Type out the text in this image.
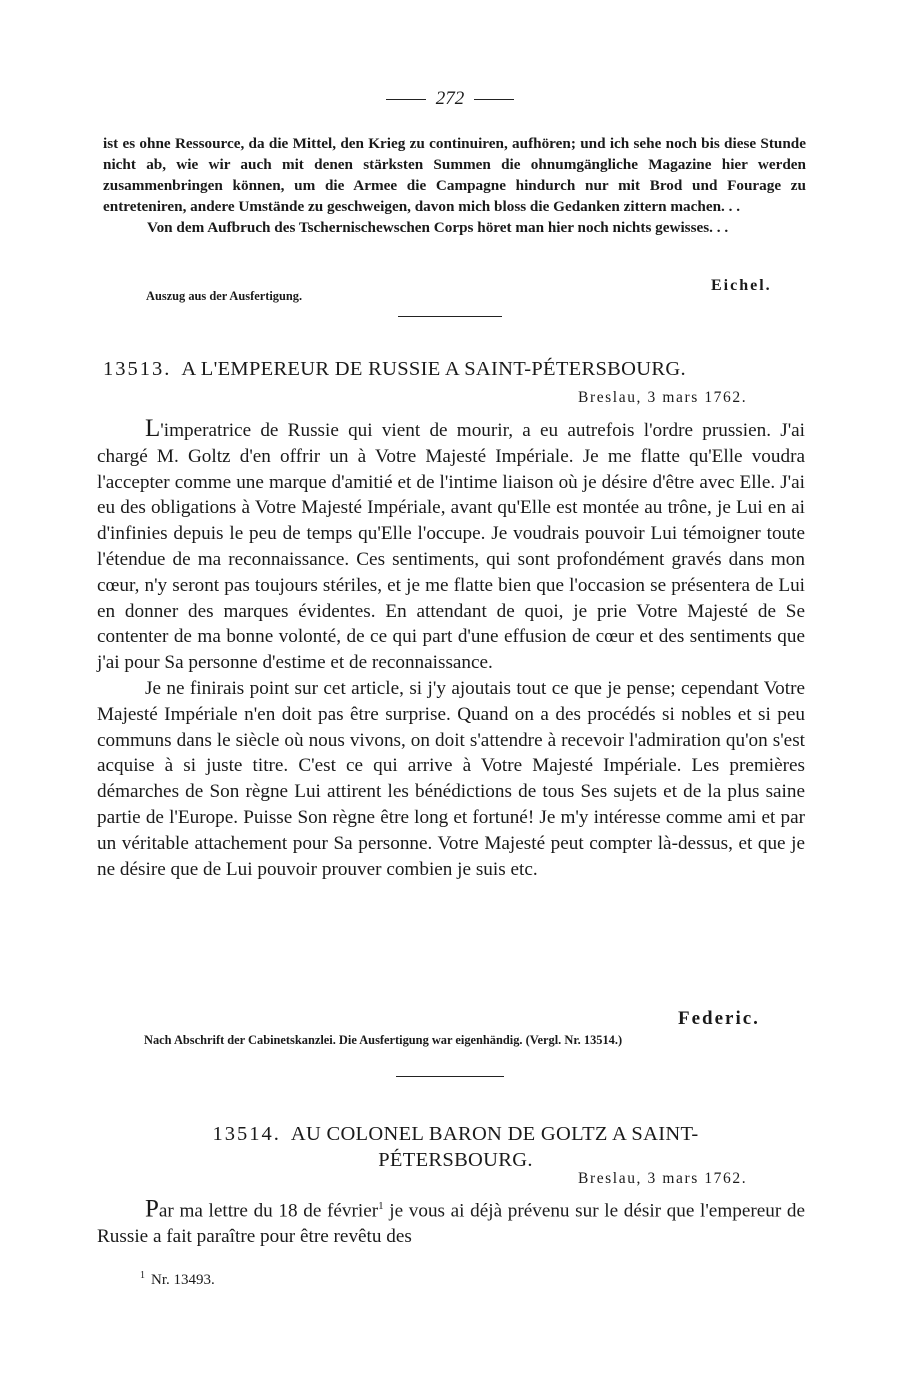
272

ist es ohne Ressource, da die Mittel, den Krieg zu continuiren, aufhören; und ich sehe noch bis diese Stunde nicht ab, wie wir auch mit denen stärksten Summen die ohnumgängliche Magazine hier werden zusammenbringen können, um die Armee die Campagne hindurch nur mit Brod und Fourage zu entreteniren, andere Umstände zu geschweigen, davon mich bloss die Gedanken zittern machen. . .

Von dem Aufbruch des Tschernischewschen Corps höret man hier noch nichts gewisses. . .

Eichel.
Auszug aus der Ausfertigung.
13513. A L'EMPEREUR DE RUSSIE A SAINT-PÉTERSBOURG.
Breslau, 3 mars 1762.

L'imperatrice de Russie qui vient de mourir, a eu autrefois l'ordre prussien. J'ai chargé M. Goltz d'en offrir un à Votre Majesté Impériale. Je me flatte qu'Elle voudra l'accepter comme une marque d'amitié et de l'intime liaison où je désire d'être avec Elle. J'ai eu des obligations à Votre Majesté Impériale, avant qu'Elle est montée au trône, je Lui en ai d'infinies depuis le peu de temps qu'Elle l'occupe. Je voudrais pouvoir Lui témoigner toute l'étendue de ma reconnaissance. Ces sentiments, qui sont profondément gravés dans mon cœur, n'y seront pas toujours stériles, et je me flatte bien que l'occasion se présentera de Lui en donner des marques évidentes. En attendant de quoi, je prie Votre Majesté de Se contenter de ma bonne volonté, de ce qui part d'une effusion de cœur et des sentiments que j'ai pour Sa personne d'estime et de reconnaissance.

Je ne finirais point sur cet article, si j'y ajoutais tout ce que je pense; cependant Votre Majesté Impériale n'en doit pas être surprise. Quand on a des procédés si nobles et si peu communs dans le siècle où nous vivons, on doit s'attendre à recevoir l'admiration qu'on s'est acquise à si juste titre. C'est ce qui arrive à Votre Majesté Impériale. Les premières démarches de Son règne Lui attirent les bénédictions de tous Ses sujets et de la plus saine partie de l'Europe. Puisse Son règne être long et fortuné! Je m'y intéresse comme ami et par un véritable attachement pour Sa personne. Votre Majesté peut compter là-dessus, et que je ne désire que de Lui pouvoir prouver combien je suis etc.

Federic.
Nach Abschrift der Cabinetskanzlei. Die Ausfertigung war eigenhändig. (Vergl. Nr. 13514.)
13514. AU COLONEL BARON DE GOLTZ A SAINT-
PÉTERSBOURG.
Breslau, 3 mars 1762.

Par ma lettre du 18 de février$^1$ je vous ai déjà prévenu sur le désir que l'empereur de Russie a fait paraître pour être revêtu des

$^1$ Nr. 13493.
